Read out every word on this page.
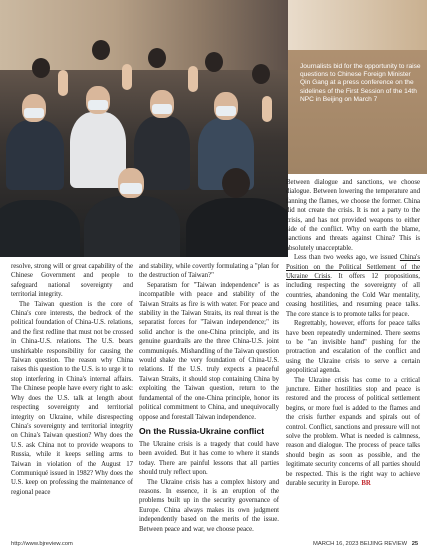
Journalists bid for the opportunity to raise questions to Chinese Foreign Minister Qin Gang at a press conference on the sidelines of the First Session of the 14th NPC in Beijing on March 7

resolve, strong will or great capability of the Chinese Government and people to safeguard national sovereignty and territorial integrity.

The Taiwan question is the core of China's core interests, the bedrock of the political foundation of China-U.S. relations, and the first redline that must not be crossed in China-U.S. relations. The U.S. bears unshirkable responsibility for causing the Taiwan question. The reason why China raises this question to the U.S. is to urge it to stop interfering in China's internal affairs. The Chinese people have every right to ask: Why does the U.S. talk at length about respecting sovereignty and territorial integrity on Ukraine, while disrespecting China's sovereignty and territorial integrity on China's Taiwan question? Why does the U.S. ask China not to provide weapons to Russia, while it keeps selling arms to Taiwan in violation of the August 17 Communiqué issued in 1982? Why does the U.S. keep on professing the maintenance of regional peace

and stability, while covertly formulating a "plan for the destruction of Taiwan?"

Separatism for "Taiwan independence" is as incompatible with peace and stability of the Taiwan Straits as fire is with water. For peace and stability in the Taiwan Straits, its real threat is the separatist forces for "Taiwan independence;" its solid anchor is the one-China principle, and its genuine guardrails are the three China-U.S. joint communiqués. Mishandling of the Taiwan question would shake the very foundation of China-U.S. relations. If the U.S. truly expects a peaceful Taiwan Straits, it should stop containing China by exploiting the Taiwan question, return to the fundamental of the one-China principle, honor its political commitment to China, and unequivocally oppose and forestall Taiwan independence.

On the Russia-Ukraine conflict

The Ukraine crisis is a tragedy that could have been avoided. But it has come to where it stands today. There are painful lessons that all parties should truly reflect upon.

The Ukraine crisis has a complex history and reasons. In essence, it is an eruption of the problems built up in the security governance of Europe. China always makes its own judgment independently based on the merits of the issue. Between peace and war, we choose peace.

Between dialogue and sanctions, we choose dialogue. Between lowering the temperature and fanning the flames, we choose the former. China did not create the crisis. It is not a party to the crisis, and has not provided weapons to either side of the conflict. Why on earth the blame, sanctions and threats against China? This is absolutely unacceptable.

Less than two weeks ago, we issued China's Position on the Political Settlement of the Ukraine Crisis. It offers 12 propositions, including respecting the sovereignty of all countries, abandoning the Cold War mentality, ceasing hostilities, and resuming peace talks. The core stance is to promote talks for peace.

Regrettably, however, efforts for peace talks have been repeatedly undermined. There seems to be "an invisible hand" pushing for the protraction and escalation of the conflict and using the Ukraine crisis to serve a certain geopolitical agenda.

The Ukraine crisis has come to a critical juncture. Either hostilities stop and peace is restored and the process of political settlement begins, or more fuel is added to the flames and the crisis further expands and spirals out of control. Conflict, sanctions and pressure will not solve the problem. What is needed is calmness, reason and dialogue. The process of peace talks should begin as soon as possible, and the legitimate security concerns of all parties should be respected. This is the right way to achieve durable security in Europe. BR

http://www.bjreview.com	MARCH 16, 2023 BEIJING REVIEW 25
